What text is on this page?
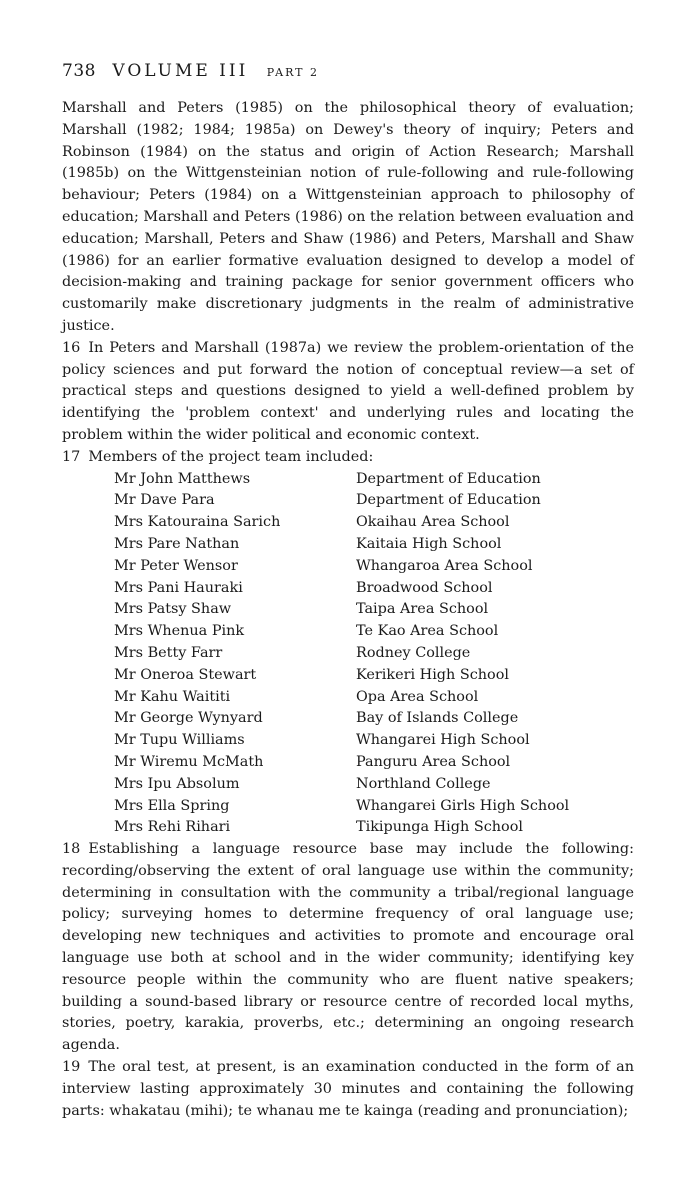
738 VOLUME III PART 2

Marshall and Peters (1985) on the philosophical theory of evaluation; Marshall (1982; 1984; 1985a) on Dewey's theory of inquiry; Peters and Robinson (1984) on the status and origin of Action Research; Marshall (1985b) on the Wittgensteinian notion of rule-following and rule-following behaviour; Peters (1984) on a Wittgensteinian approach to philosophy of education; Marshall and Peters (1986) on the relation between evaluation and education; Marshall, Peters and Shaw (1986) and Peters, Marshall and Shaw (1986) for an earlier formative evaluation designed to develop a model of decision-making and training package for senior government officers who customarily make discretionary judgments in the realm of administrative justice.

16 In Peters and Marshall (1987a) we review the problem-orientation of the policy sciences and put forward the notion of conceptual review—a set of practical steps and questions designed to yield a well-defined problem by identifying the 'problem context' and underlying rules and locating the problem within the wider political and economic context.

17 Members of the project team included:

Mr John Matthews	Department of Education
Mr Dave Para	Department of Education
Mrs Katouraina Sarich	Okaihau Area School
Mrs Pare Nathan	Kaitaia High School
Mr Peter Wensor	Whangaroa Area School
Mrs Pani Hauraki	Broadwood School
Mrs Patsy Shaw	Taipa Area School
Mrs Whenua Pink	Te Kao Area School
Mrs Betty Farr	Rodney College
Mr Oneroa Stewart	Kerikeri High School
Mr Kahu Waititi	Opa Area School
Mr George Wynyard	Bay of Islands College
Mr Tupu Williams	Whangarei High School
Mr Wiremu McMath	Panguru Area School
Mrs Ipu Absolum	Northland College
Mrs Ella Spring	Whangarei Girls High School
Mrs Rehi Rihari	Tikipunga High School

18 Establishing a language resource base may include the following: recording/observing the extent of oral language use within the community; determining in consultation with the community a tribal/regional language policy; surveying homes to determine frequency of oral language use; developing new techniques and activities to promote and encourage oral language use both at school and in the wider community; identifying key resource people within the community who are fluent native speakers; building a sound-based library or resource centre of recorded local myths, stories, poetry, karakia, proverbs, etc.; determining an ongoing research agenda.

19 The oral test, at present, is an examination conducted in the form of an interview lasting approximately 30 minutes and containing the following parts: whakatau (mihi); te whanau me te kainga (reading and pronunciation);
